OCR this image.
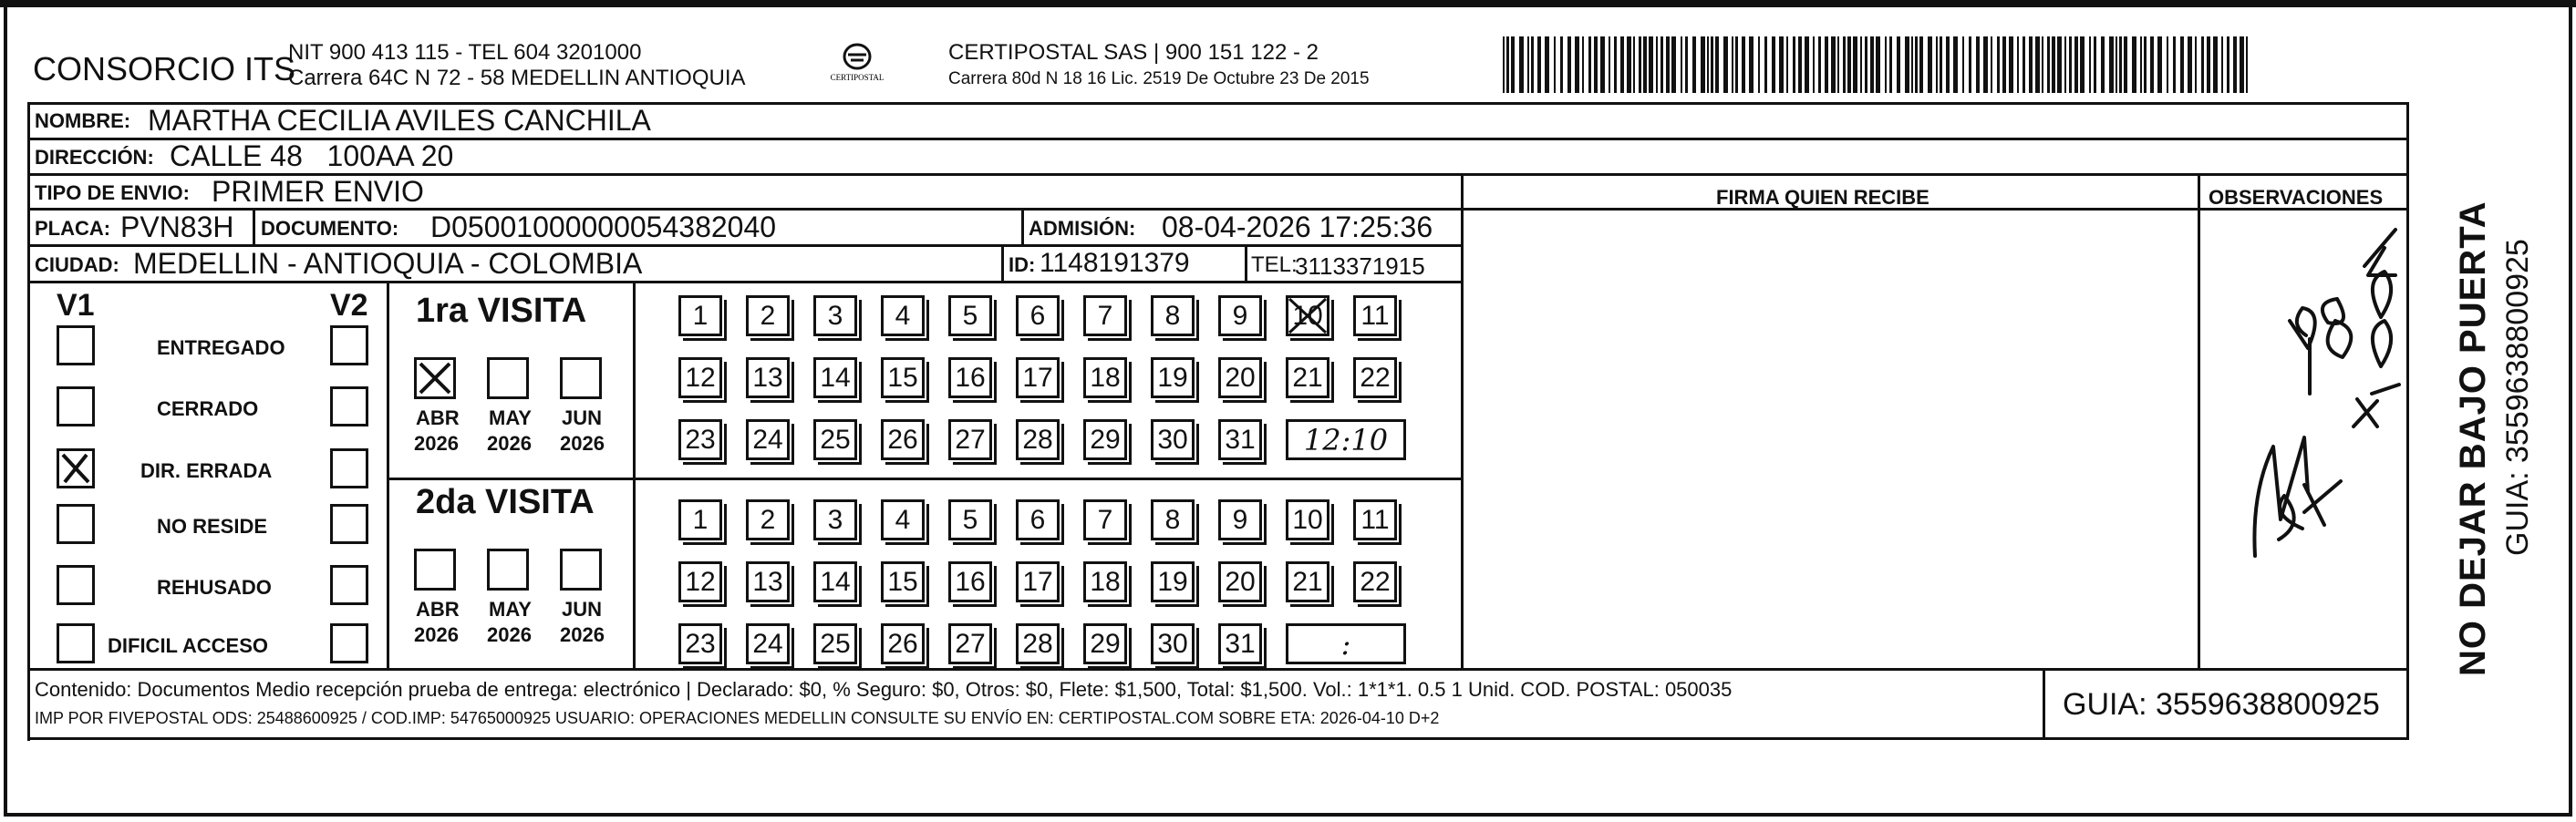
CONSORCIO ITS
NIT 900 413 115 - TEL 604 3201000
Carrera 64C N 72 - 58 MEDELLIN ANTIOQUIA	CERTIPOSTAL
CERTIPOSTAL SAS | 900 151 122 - 2
Carrera 80d N 18 16 Lic. 2519 De Octubre 23 De 2015
NOMBRE: MARTHA CECILIA AVILES CANCHILA
DIRECCIÓN: CALLE 48   100AA 20
TIPO DE ENVIO: PRIMER ENVIO	FIRMA QUIEN RECIBE	OBSERVACIONES
PLACA: PVN83H DOCUMENTO: D05001000000054382040	ADMISIÓN: 08-04-2026 17:25:36
CIUDAD: MEDELLIN - ANTIOQUIA - COLOMBIA	ID: 1148191379	TEL:
3113371915
V1	V2
ENTREGADO
CERRADO
DIR. ERRADA
NO RESIDE
REHUSADO
DIFICIL ACCESO
1ra VISITA
2da VISITA
ABR
2026
MAY
2026
JUN
2026
ABR
2026
MAY
2026
JUN
2026
1	2	3	4	5	6	7	8	9	10 11
12 13 14 15 16 17 18 19 20 21 22
23 24 25 26 27 28 29 30 31	12:10
1	2	3	4	5	6	7	8	9	10 11
12 13 14 15 16 17 18 19 20 21 22
23 24 25 26 27 28 29 30 31	:	NO DEJAR BAJO PUERTA GUIA: 3559638800925
Contenido: Documentos Medio recepción prueba de entrega: electrónico | Declarado: $0, % Seguro: $0, Otros: $0, Flete: $1,500, Total: $1,500. Vol.: 1*1*1. 0.5 1 Unid. COD. POSTAL: 050035
IMP POR FIVEPOSTAL ODS: 25488600925 / COD.IMP: 54765000925 USUARIO: OPERACIONES MEDELLIN CONSULTE SU ENVÍO EN: CERTIPOSTAL.COM SOBRE ETA: 2026-04-10 D+2	GUIA: 3559638800925
